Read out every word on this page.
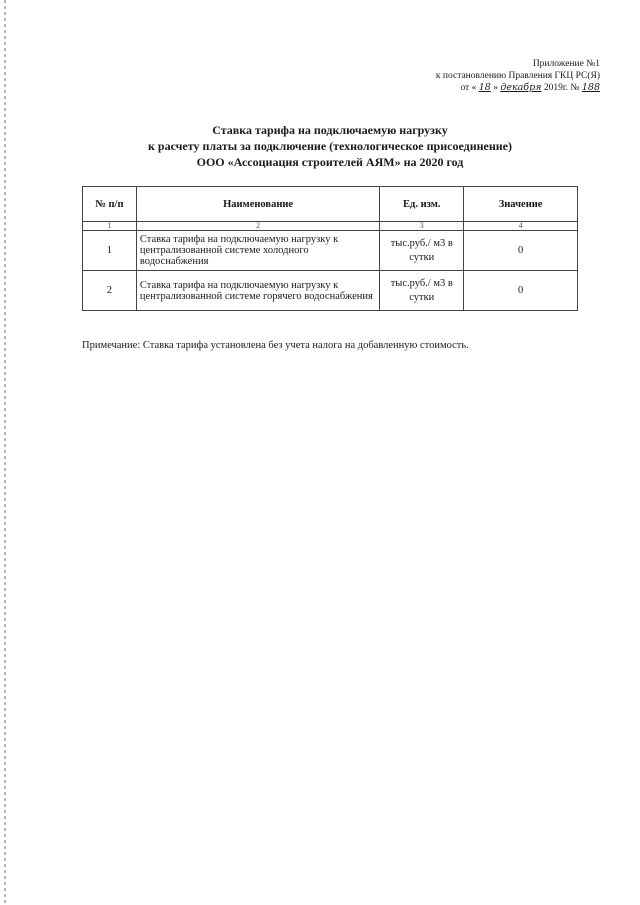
Приложение №1
к постановлению Правления ГКЦ РС(Я)
от « 18 » декабря 2019г. № 188
Ставка тарифа на подключаемую нагрузку
к расчету платы за подключение (технологическое присоединение)
ООО «Ассоциация строителей АЯМ» на 2020 год
№ п/п	Наименование	Ед. изм.	Значение
1	2	3	4
1	Ставка тарифа на подключаемую нагрузку к централизованной системе холодного водоснабжения	тыс.руб./ м3 в сутки	0
2	Ставка тарифа на подключаемую нагрузку к централизованной системе горячего водоснабжения	тыс.руб./ м3 в сутки	0
Примечание: Ставка тарифа установлена без учета налога на добавленную стоимость.
